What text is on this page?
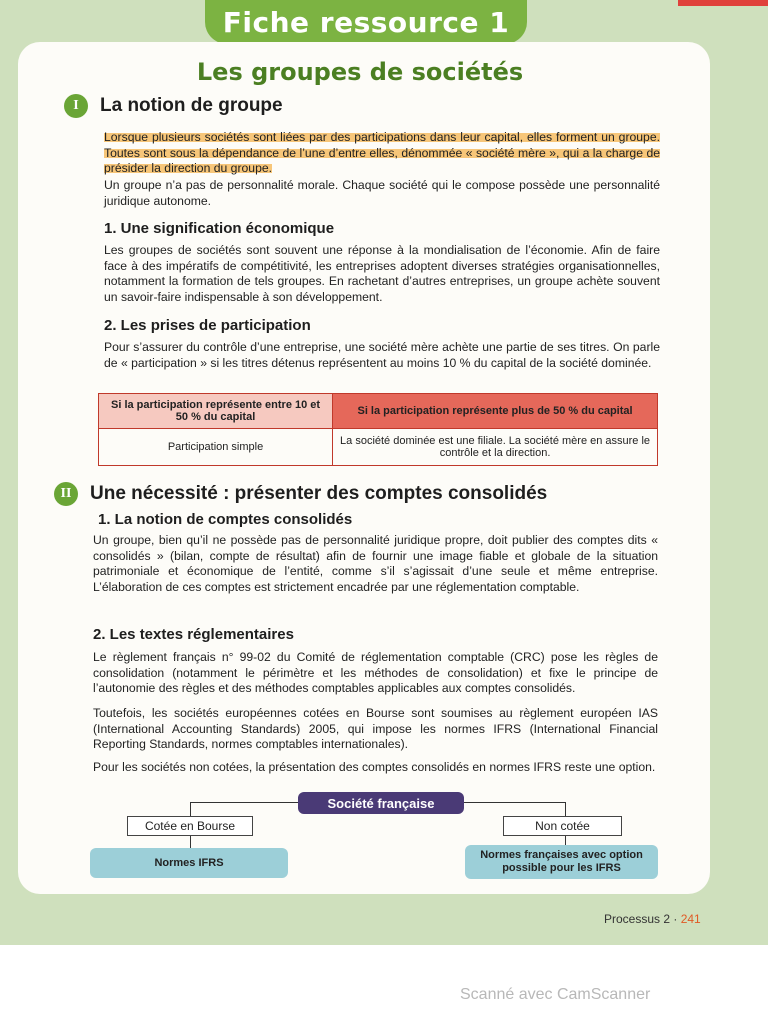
Fiche ressource 1
Les groupes de sociétés
I	La notion de groupe
Lorsque plusieurs sociétés sont liées par des participations dans leur capital, elles forment un groupe. Toutes sont sous la dépendance de l’une d’entre elles, dénommée « société mère », qui a la charge de présider la direction du groupe.
Un groupe n’a pas de personnalité morale. Chaque société qui le compose possède une personnalité juridique autonome.
1. Une signification économique
Les groupes de sociétés sont souvent une réponse à la mondialisation de l’économie. Afin de faire face à des impératifs de compétitivité, les entreprises adoptent diverses stratégies organisationnelles, notamment la formation de tels groupes. En rachetant d’autres entreprises, un groupe achète souvent un savoir-faire indispensable à son développement.
2. Les prises de participation
Pour s’assurer du contrôle d’une entreprise, une société mère achète une partie de ses titres. On parle de « participation » si les titres détenus représentent au moins 10 % du capital de la société dominée.
Si la participation représente entre 10 et 50 % du capital	Si la participation représente plus de 50 % du capital
Participation simple	La société dominée est une filiale. La société mère en assure le contrôle et la direction.
II Une nécessité : présenter des comptes consolidés
1. La notion de comptes consolidés
Un groupe, bien qu’il ne possède pas de personnalité juridique propre, doit publier des comptes dits « consolidés » (bilan, compte de résultat) afin de fournir une image fiable et globale de la situation patrimoniale et économique de l’entité, comme s’il s’agissait d’une seule et même entreprise. L’élaboration de ces comptes est strictement encadrée par une réglementation comptable.
2. Les textes réglementaires
Le règlement français n° 99-02 du Comité de réglementation comptable (CRC) pose les règles de consolidation (notamment le périmètre et les méthodes de consolidation) et fixe le principe de l’autonomie des règles et des méthodes comptables applicables aux comptes consolidés.
Toutefois, les sociétés européennes cotées en Bourse sont soumises au règlement européen IAS (International Accounting Standards) 2005, qui impose les normes IFRS (International Financial Reporting Standards, normes comptables internationales).
Pour les sociétés non cotées, la présentation des comptes consolidés en normes IFRS reste une option.
Société française
Cotée en Bourse	Non cotée
Normes IFRS
Normes françaises avec option possible pour les IFRS
Processus 2 · 241
Scanné avec CamScanner
